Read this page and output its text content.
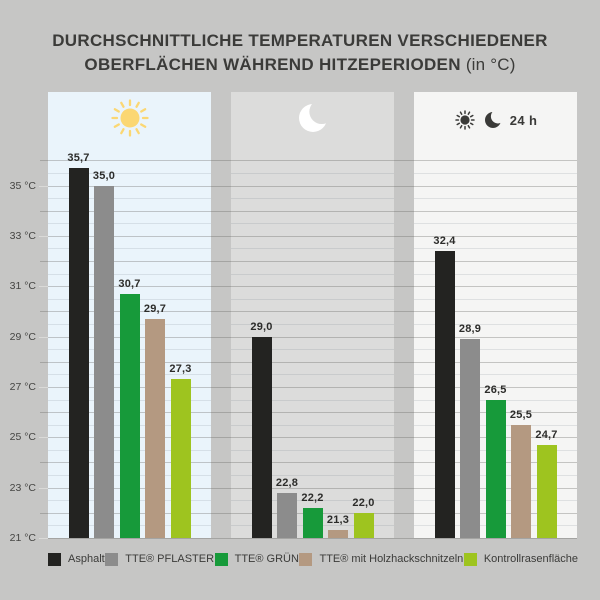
DURCHSCHNITTLICHE TEMPERATUREN VERSCHIEDENER
OBERFLÄCHEN WÄHREND HITZEPERIODEN (in °C)
24 h
35 °C
33 °C
31 °C
29 °C
27 °C
25 °C
23 °C
21 °C
35,7
35,0
30,7
29,7
27,3
29,0
22,8
22,2
21,3
22,0
32,4
28,9
26,5
25,5
24,7
Asphalt TTE® PFLASTER TTE® GRÜN TTE® mit Holzhackschnitzeln Kontrollrasenfläche
